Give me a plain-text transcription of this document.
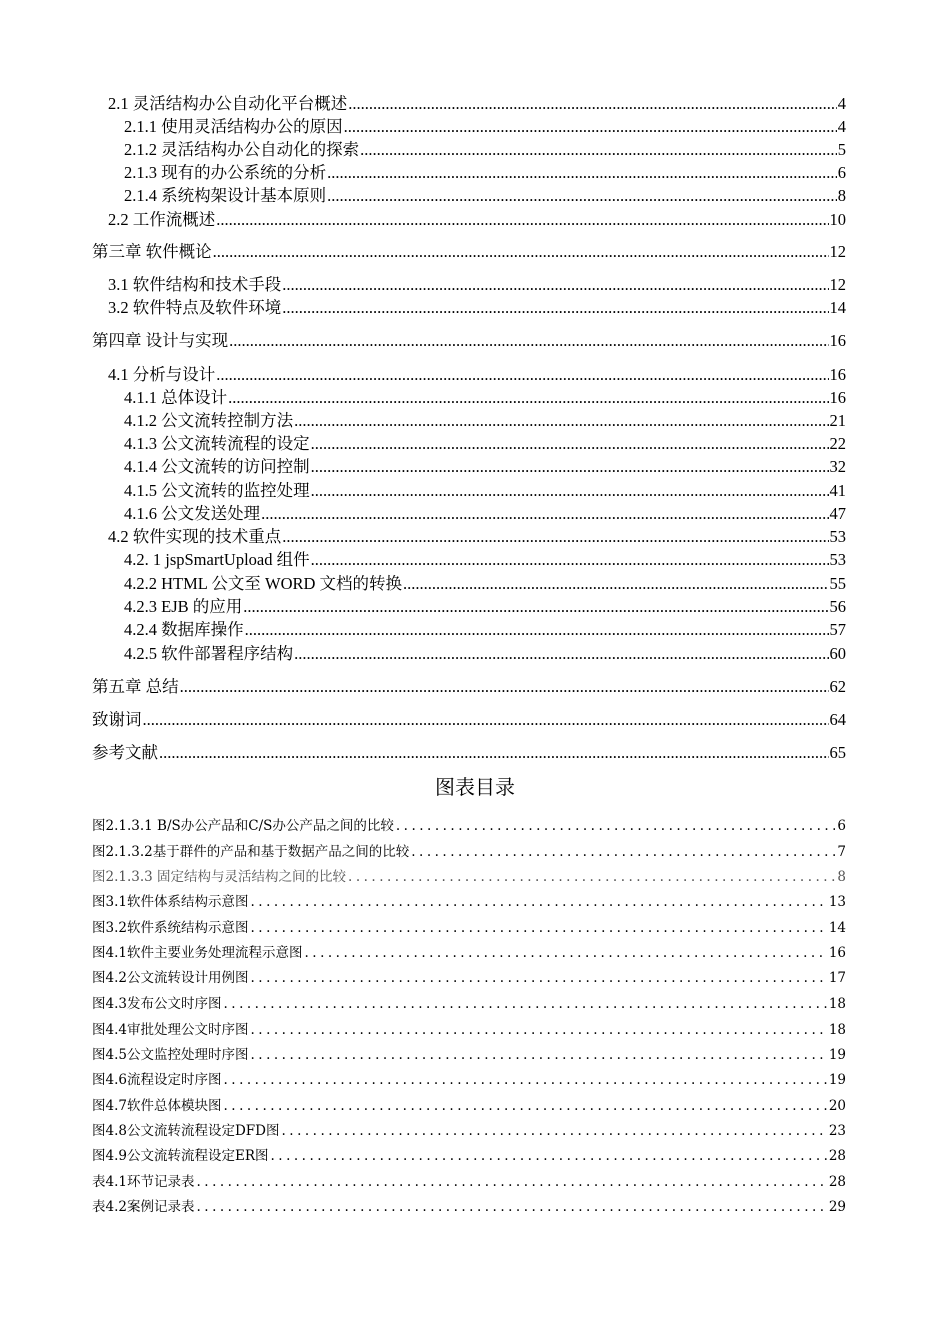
2.1 灵活结构办公自动化平台概述 .....	4
2.1.1 使用灵活结构办公的原因 .....	4
2.1.2 灵活结构办公自动化的探索 .....	5
2.1.3 现有的办公系统的分析 .....	6
2.1.4 系统构架设计基本原则 .....	8
2.2 工作流概述 .....	10
第三章 软件概论 .....	12
3.1 软件结构和技术手段 .....	12
3.2 软件特点及软件环境 .....	14
第四章 设计与实现 .....	16
4.1 分析与设计 .....	16
4.1.1 总体设计 .....	16
4.1.2 公文流转控制方法 .....	21
4.1.3 公文流转流程的设定 .....	22
4.1.4 公文流转的访问控制 .....	32
4.1.5 公文流转的监控处理 .....	41
4.1.6 公文发送处理 .....	47
4.2 软件实现的技术重点 .....	53
4.2. 1 jspSmartUpload 组件 .....	53
4.2.2 HTML 公文至 WORD 文档的转换 .....	55
4.2.3 EJB 的应用 .....	56
4.2.4 数据库操作 .....	57
4.2.5 软件部署程序结构 .....	60
第五章 总结 .....	62
致谢词 .....	64
参考文献 .....	65
图表目录
图2.1.3.1 B/S办公产品和C/S办公产品之间的比较 .....	6
图2.1.3.2基于群件的产品和基于数据产品之间的比较 .....	7
图2.1.3.3 固定结构与灵活结构之间的比较 .....	8
图3.1软件体系结构示意图 .....	13
图3.2软件系统结构示意图 .....	14
图4.1软件主要业务处理流程示意图 .....	16
图4.2公文流转设计用例图 .....	17
图4.3发布公文时序图 .....	18
图4.4审批处理公文时序图 .....	18
图4.5公文监控处理时序图 .....	19
图4.6流程设定时序图 .....	19
图4.7软件总体模块图 .....	20
图4.8公文流转流程设定DFD图 .....	23
图4.9公文流转流程设定ER图 .....	28
表4.1环节记录表 .....	28
表4.2案例记录表 .....	29
